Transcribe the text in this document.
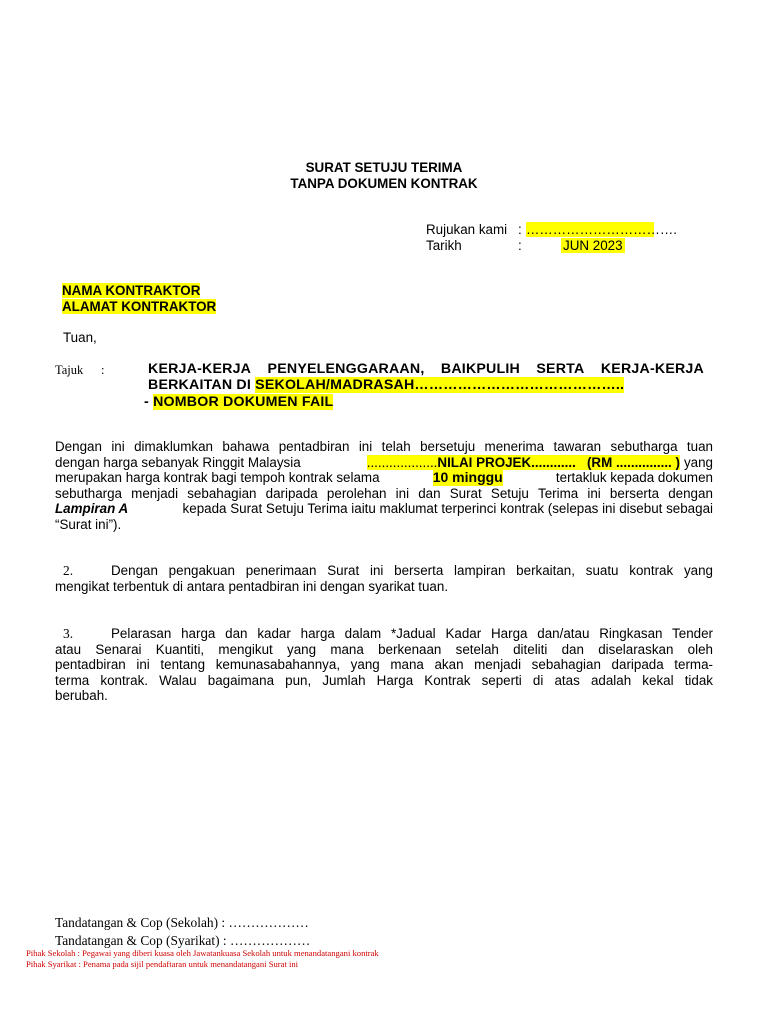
SURAT SETUJU TERIMA
TANPA DOKUMEN KONTRAK
Rujukan kami : …………………………….
Tarikh	:	JUN 2023
NAMA KONTRAKTOR
ALAMAT KONTRAKTOR
Tuan,
Tajuk :	KERJA-KERJA PENYELENGGARAAN, BAIKPULIH SERTA KERJA-KERJA
BERKAITAN DI SEKOLAH/MADRASAH……………………………………..
- NOMBOR DOKUMEN FAIL
Dengan ini dimaklumkan bahawa pentadbiran ini telah bersetuju menerima tawaran sebutharga tuan
dengan harga sebanyak Ringgit Malaysia	...................NILAI PROJEK............   (RM ............... ) yang
merupakan harga kontrak bagi tempoh kontrak selama	10 minggu	tertakluk kepada dokumen
sebutharga menjadi sebahagian daripada perolehan ini dan Surat Setuju Terima ini berserta dengan
Lampiran A	kepada Surat Setuju Terima iaitu maklumat terperinci kontrak (selepas ini disebut sebagai
“Surat ini”).
2.	Dengan pengakuan penerimaan Surat ini berserta lampiran berkaitan, suatu kontrak yang
mengikat terbentuk di antara pentadbiran ini dengan syarikat tuan.
3.	Pelarasan harga dan kadar harga dalam *Jadual Kadar Harga dan/atau Ringkasan Tender
atau Senarai Kuantiti, mengikut yang mana berkenaan setelah diteliti dan diselaraskan oleh
pentadbiran ini tentang kemunasabahannya, yang mana akan menjadi sebahagian daripada terma-
terma kontrak. Walau bagaimana pun, Jumlah Harga Kontrak seperti di atas adalah kekal tidak
berubah.
Tandatangan & Cop (Sekolah) : ………………
Tandatangan & Cop (Syarikat) : ………………
Pihak Sekolah : Pegawai yang diberi kuasa oleh Jawatankuasa Sekolah untuk menandatangani kontrak
Pihak Syarikat : Penama pada sijil pendaftaran untuk menandatangani Surat ini
